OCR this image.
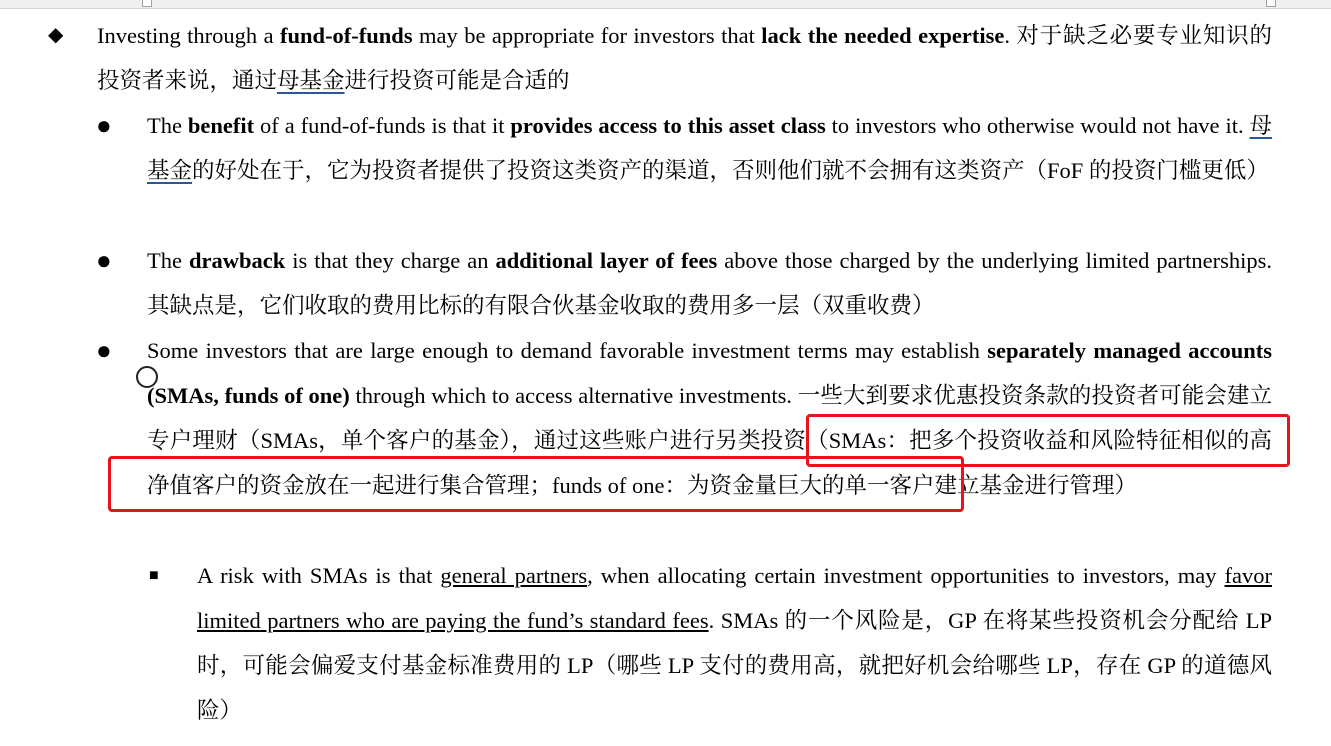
◆ Investing through a fund-of-funds may be appropriate for investors that lack the needed expertise. 对于缺乏必要专业知识的投资者来说，通过母基金进行投资可能是合适的

● The benefit of a fund-of-funds is that it provides access to this asset class to investors who otherwise would not have it. 母基金的好处在于，它为投资者提供了投资这类资产的渠道，否则他们就不会拥有这类资产（FoF 的投资门槛更低）

● The drawback is that they charge an additional layer of fees above those charged by the underlying limited partnerships. 其缺点是，它们收取的费用比标的有限合伙基金收取的费用多一层（双重收费）

● Some investors that are large enough to demand favorable investment terms may establish separately managed accounts (SMAs, funds of one) through which to access alternative investments. 一些大到要求优惠投资条款的投资者可能会建立专户理财（SMAs，单个客户的基金），通过这些账户进行另类投资（SMAs：把多个投资收益和风险特征相似的高净值客户的资金放在一起进行集合管理；funds of one：为资金量巨大的单一客户建立基金进行管理）

■ A risk with SMAs is that general partners, when allocating certain investment opportunities to investors, may favor limited partners who are paying the fund’s standard fees. SMAs 的一个风险是，GP 在将某些投资机会分配给 LP 时，可能会偏爱支付基金标准费用的 LP（哪些 LP 支付的费用高，就把好机会给哪些 LP，存在 GP 的道德风险）
